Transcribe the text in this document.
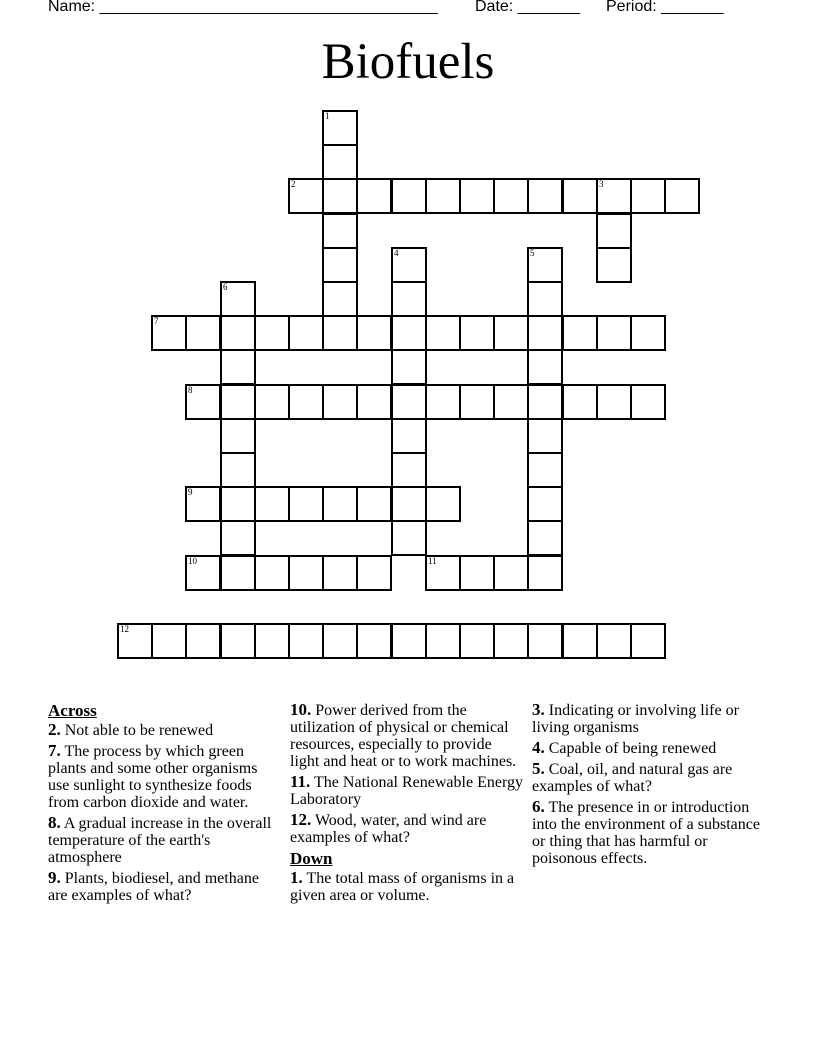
Name: ______________________________________ Date: _______ Period: _______
Biofuels
1
2	3
4	5
6
7
8
9
10	11
12
Across
2. Not able to be renewed
7. The process by which green plants and some other organisms use sunlight to synthesize foods from carbon dioxide and water.
8. A gradual increase in the overall temperature of the earth's atmosphere
9. Plants, biodiesel, and methane are examples of what?
10. Power derived from the utilization of physical or chemical resources, especially to provide light and heat or to work machines.
11. The National Renewable Energy Laboratory
12. Wood, water, and wind are examples of what?
Down
1. The total mass of organisms in a given area or volume.
3. Indicating or involving life or living organisms
4. Capable of being renewed
5. Coal, oil, and natural gas are examples of what?
6. The presence in or introduction into the environment of a substance or thing that has harmful or poisonous effects.
